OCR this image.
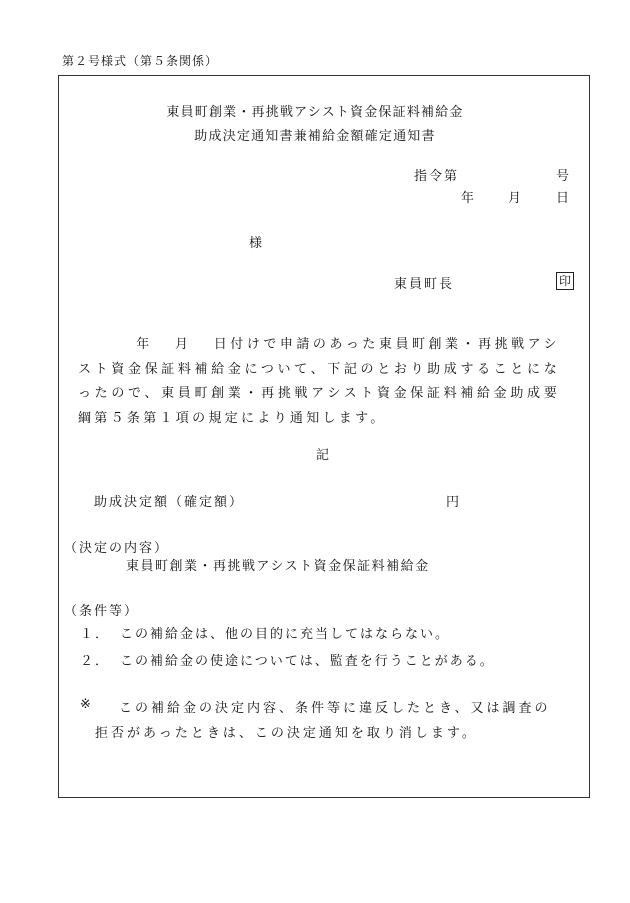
第２号様式（第５条関係）
東員町創業・再挑戦アシスト資金保証料補給金
助成決定通知書兼補給金額確定通知書
指令第	号
年 月	日
様
東員町長	印
年 月 日付けで申請のあった東員町創業・再挑戦アシスト資金保証料補給金について、下記のとおり助成することになったので、東員町創業・再挑戦アシスト資金保証料補給金助成要綱第５条第１項の規定により通知します。
記
助成決定額（確定額）	円
（決定の内容）
東員町創業・再挑戦アシスト資金保証料補給金
（条件等）
１． この補給金は、他の目的に充当してはならない。
２． この補給金の使途については、監査を行うことがある。
※	この補給金の決定内容、条件等に違反したとき、又は調査の拒否があったときは、この決定通知を取り消します。
